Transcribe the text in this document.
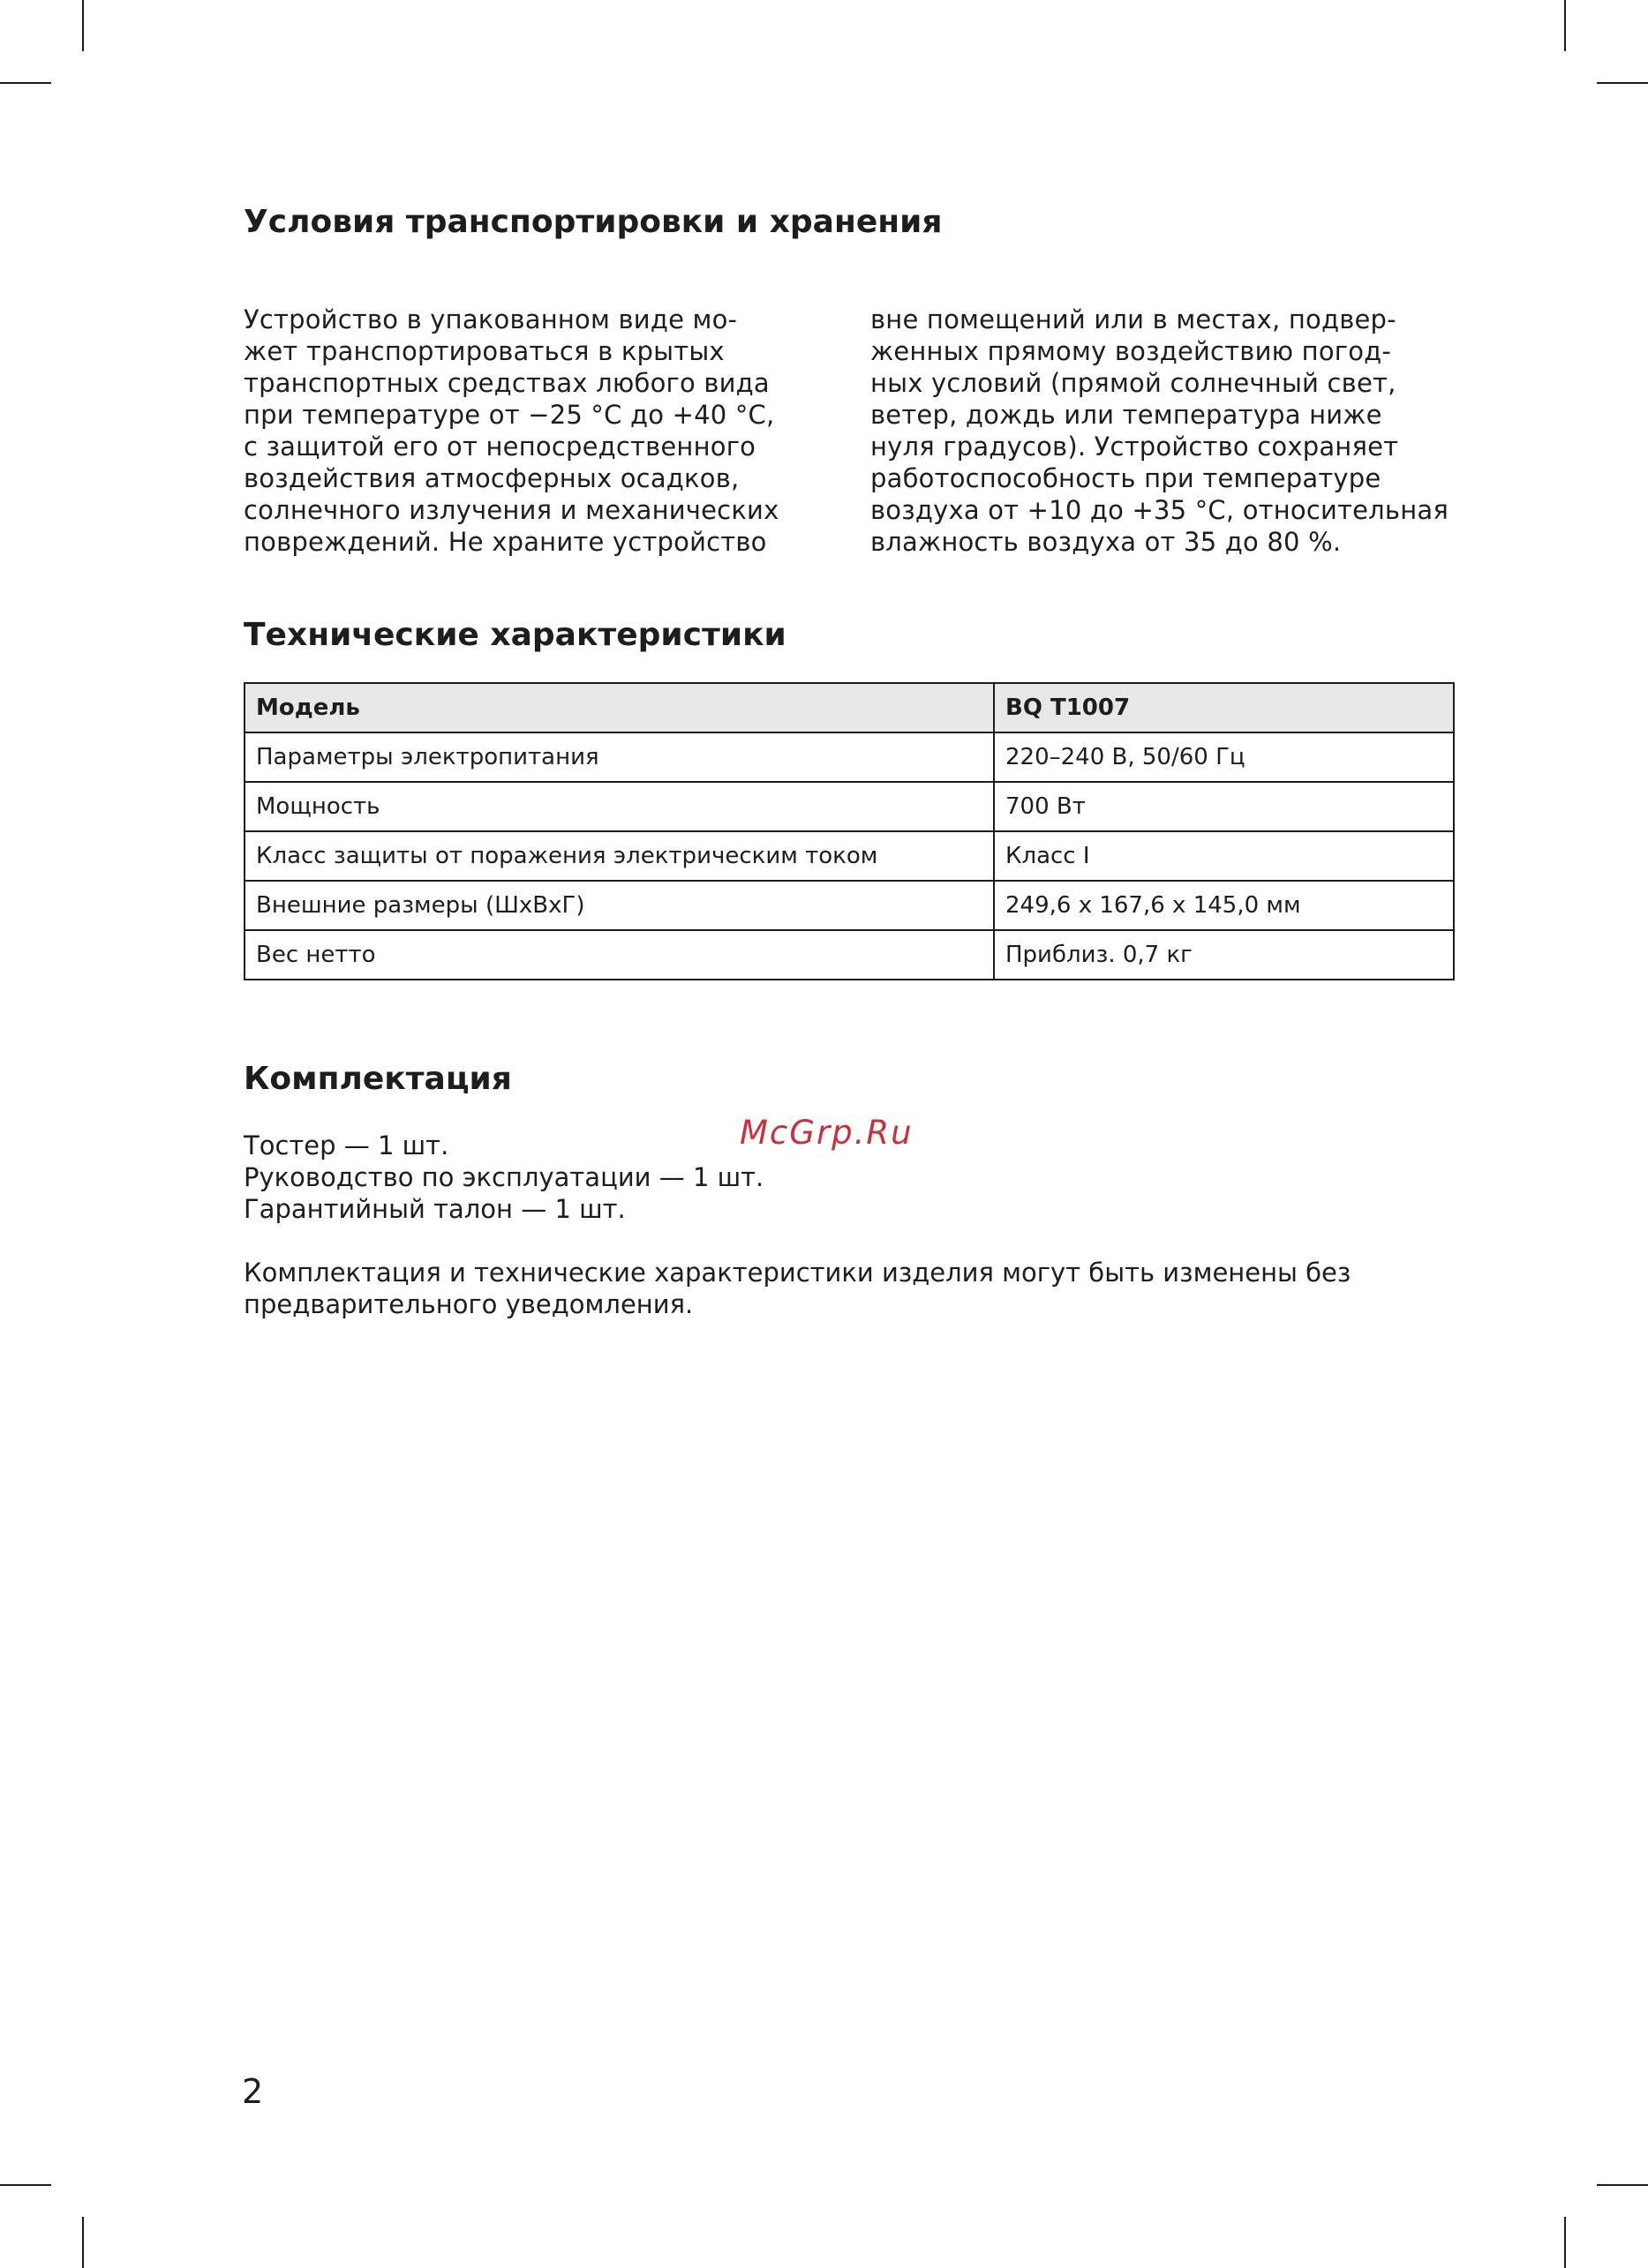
Условия транспортировки и хранения
Устройство в упакованном виде мо-
жет транспортироваться в крытых
транспортных средствах любого вида
при температуре от −25 °C до +40 °C,
с защитой его от непосредственного
воздействия атмосферных осадков,
солнечного излучения и механических
повреждений. Не храните устройство
вне помещений или в местах, подвер-
женных прямому воздействию погод-
ных условий (прямой солнечный свет,
ветер, дождь или температура ниже
нуля градусов). Устройство сохраняет
работоспособность при температуре
воздуха от +10 до +35 °C, относительная
влажность воздуха от 35 до 80 %.
Технические характеристики
Модель	BQ T1007
Параметры электропитания	220–240 В, 50/60 Гц
Мощность	700 Вт
Класс защиты от поражения электрическим током	Класс I
Внешние размеры (ШхВхГ)	249,6 x 167,6 x 145,0 мм
Вес нетто	Приблиз. 0,7 кг
Комплектация
Тостер — 1 шт.
Руководство по эксплуатации — 1 шт.
Гарантийный талон — 1 шт.
Комплектация и технические характеристики изделия могут быть изменены без
предварительного уведомления.
McGrp.Ru
2
